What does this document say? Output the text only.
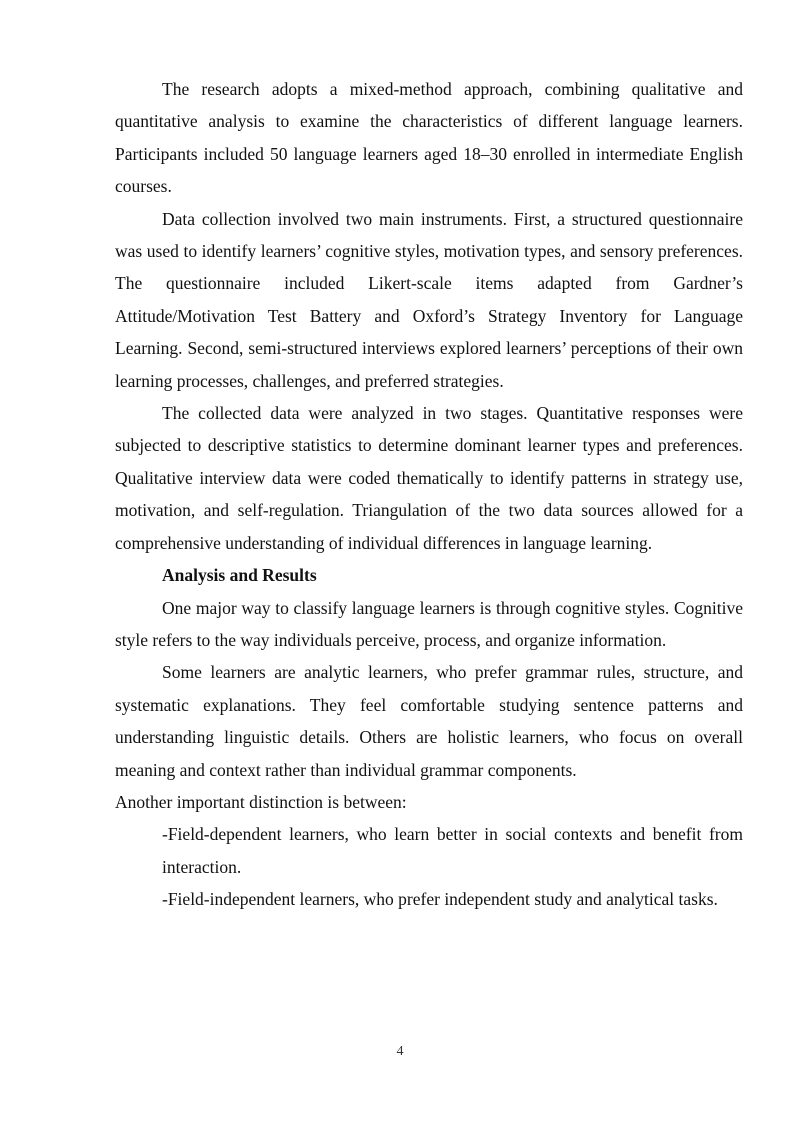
The research adopts a mixed-method approach, combining qualitative and quantitative analysis to examine the characteristics of different language learners. Participants included 50 language learners aged 18–30 enrolled in intermediate English courses.

Data collection involved two main instruments. First, a structured questionnaire was used to identify learners’ cognitive styles, motivation types, and sensory preferences. The questionnaire included Likert-scale items adapted from Gardner’s Attitude/Motivation Test Battery and Oxford’s Strategy Inventory for Language Learning. Second, semi-structured interviews explored learners’ perceptions of their own learning processes, challenges, and preferred strategies.

The collected data were analyzed in two stages. Quantitative responses were subjected to descriptive statistics to determine dominant learner types and preferences. Qualitative interview data were coded thematically to identify patterns in strategy use, motivation, and self-regulation. Triangulation of the two data sources allowed for a comprehensive understanding of individual differences in language learning.

Analysis and Results

One major way to classify language learners is through cognitive styles. Cognitive style refers to the way individuals perceive, process, and organize information.

Some learners are analytic learners, who prefer grammar rules, structure, and systematic explanations. They feel comfortable studying sentence patterns and understanding linguistic details. Others are holistic learners, who focus on overall meaning and context rather than individual grammar components.

Another important distinction is between:

-Field-dependent learners, who learn better in social contexts and benefit from interaction.

-Field-independent learners, who prefer independent study and analytical tasks.

4
